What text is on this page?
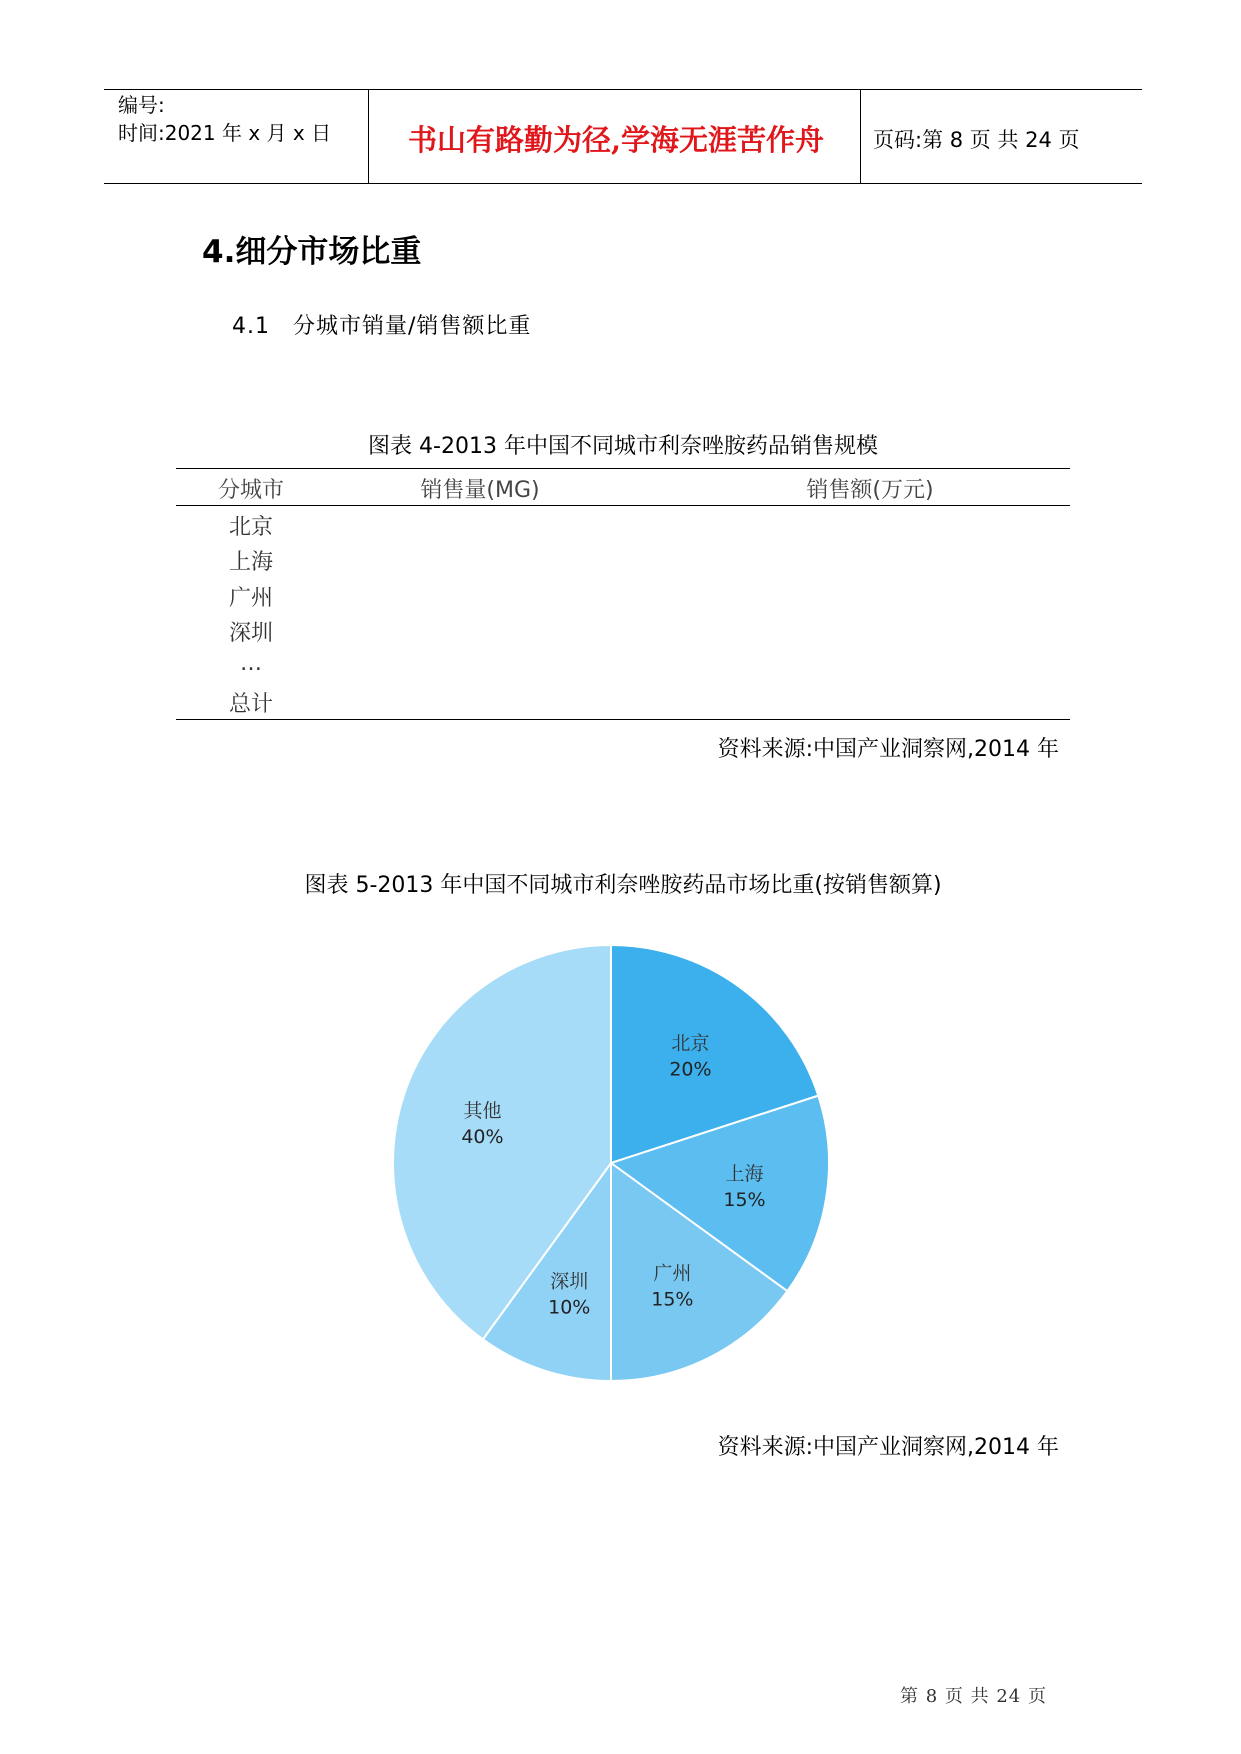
编号:
时间:2021 年 x 月 x 日	书山有路勤为径,学海无涯苦作舟	页码:第 8 页 共 24 页
4.细分市场比重
4.1　分城市销量/销售额比重
图表 4-2013 年中国不同城市利奈唑胺药品销售规模
分城市	销售量(MG)	销售额(万元)
北京
上海
广州
深圳
…
总计
资料来源:中国产业洞察网,2014 年
图表 5-2013 年中国不同城市利奈唑胺药品市场比重(按销售额算)
北京
20%
上海
15%
广州
15%
深圳
10%
其他
40%
资料来源:中国产业洞察网,2014 年
第 8 页 共 24 页
